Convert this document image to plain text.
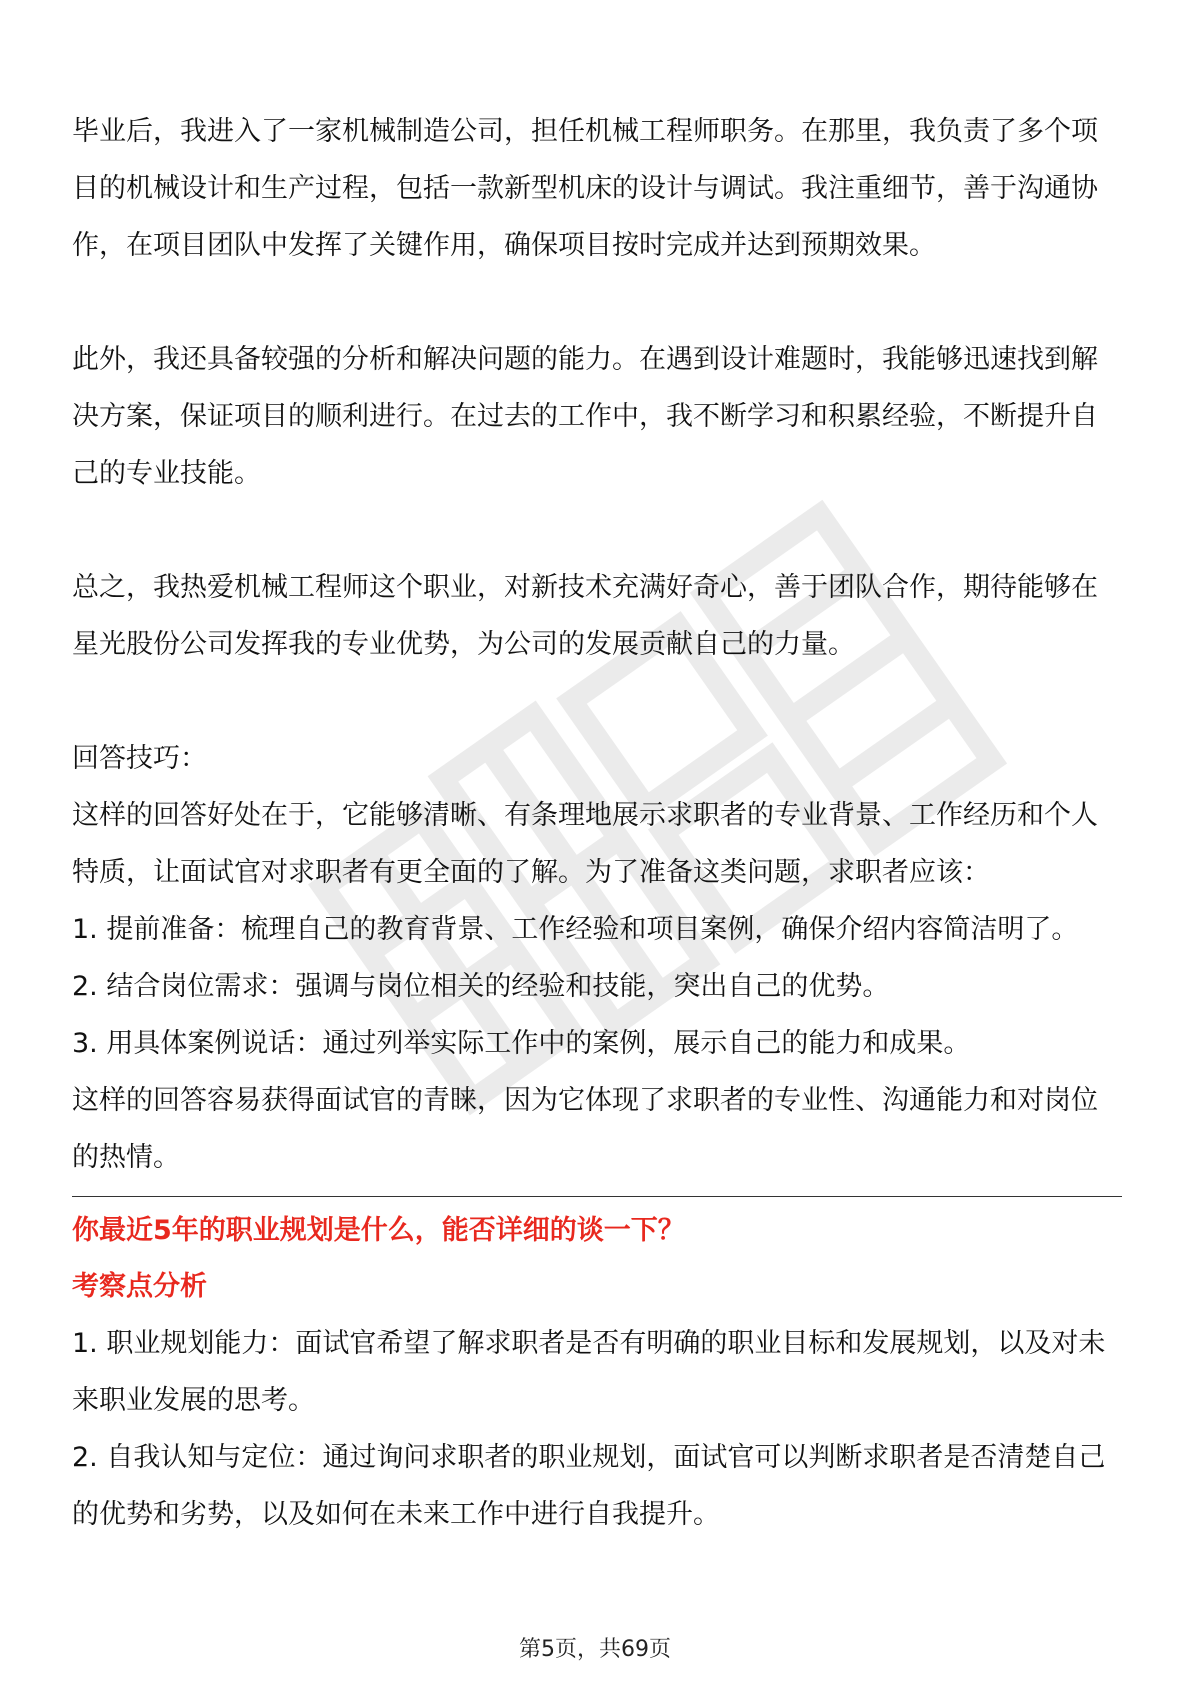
毕业后，我进入了一家机械制造公司，担任机械工程师职务。在那里，我负责了多个项目的机械设计和生产过程，包括一款新型机床的设计与调试。我注重细节，善于沟通协作，在项目团队中发挥了关键作用，确保项目按时完成并达到预期效果。

此外，我还具备较强的分析和解决问题的能力。在遇到设计难题时，我能够迅速找到解决方案，保证项目的顺利进行。在过去的工作中，我不断学习和积累经验，不断提升自己的专业技能。

总之，我热爱机械工程师这个职业，对新技术充满好奇心，善于团队合作，期待能够在星光股份公司发挥我的专业优势，为公司的发展贡献自己的力量。

回答技巧：

这样的回答好处在于，它能够清晰、有条理地展示求职者的专业背景、工作经历和个人特质，让面试官对求职者有更全面的了解。为了准备这类问题，求职者应该：

1. 提前准备：梳理自己的教育背景、工作经验和项目案例，确保介绍内容简洁明了。

2. 结合岗位需求：强调与岗位相关的经验和技能，突出自己的优势。

3. 用具体案例说话：通过列举实际工作中的案例，展示自己的能力和成果。

这样的回答容易获得面试官的青睐，因为它体现了求职者的专业性、沟通能力和对岗位的热情。

你最近5年的职业规划是什么，能否详细的谈一下？
考察点分析

1. 职业规划能力：面试官希望了解求职者是否有明确的职业目标和发展规划，以及对未来职业发展的思考。

2. 自我认知与定位：通过询问求职者的职业规划，面试官可以判断求职者是否清楚自己的优势和劣势，以及如何在未来工作中进行自我提升。

第5页，共69页
